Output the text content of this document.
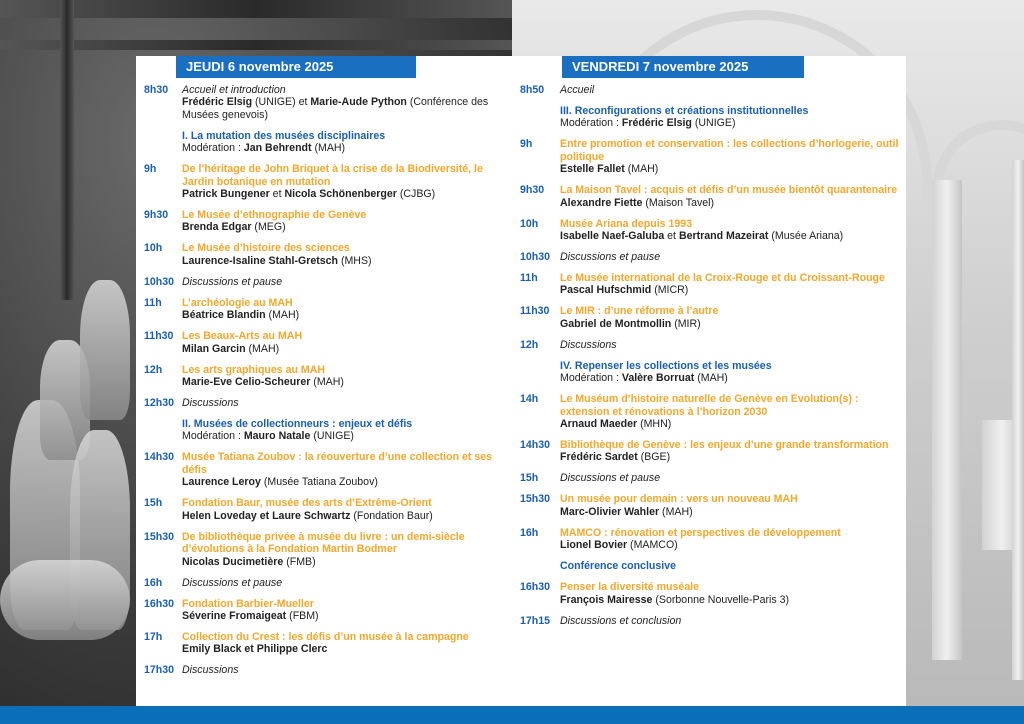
JEUDI 6 novembre 2025
8h30	Accueil et introduction
Frédéric Elsig (UNIGE) et Marie-Aude Python (Conférence des Musées genevois)
I. La mutation des musées disciplinaires
Modération : Jan Behrendt (MAH)
9h	De l’héritage de John Briquet à la crise de la Biodiversité, le Jardin botanique en mutation
Patrick Bungener et Nicola Schönenberger (CJBG)
9h30	Le Musée d’ethnographie de Genève
Brenda Edgar (MEG)
10h	Le Musée d’histoire des sciences
Laurence-Isaline Stahl-Gretsch (MHS)
10h30 Discussions et pause
11h	L’archéologie au MAH
Béatrice Blandin (MAH)
11h30 Les Beaux-Arts au MAH
Milan Garcin (MAH)
12h	Les arts graphiques au MAH
Marie-Eve Celio-Scheurer (MAH)
12h30 Discussions
II. Musées de collectionneurs : enjeux et défis
Modération : Mauro Natale (UNIGE)
14h30 Musée Tatiana Zoubov : la réouverture d’une collection et ses défis
Laurence Leroy (Musée Tatiana Zoubov)
15h	Fondation Baur, musée des arts d’Extrême-Orient
Helen Loveday et Laure Schwartz (Fondation Baur)
15h30 De bibliothèque privée à musée du livre : un demi-siècle d’évolutions à la Fondation Martin Bodmer
Nicolas Ducimetière (FMB)
16h	Discussions et pause
16h30 Fondation Barbier-Mueller
Séverine Fromaigeat (FBM)
17h	Collection du Crest : les défis d’un musée à la campagne
Emily Black et Philippe Clerc
17h30 Discussions
VENDREDI 7 novembre 2025
8h50	Accueil
III. Reconfigurations et créations institutionnelles
Modération : Frédéric Elsig (UNIGE)
9h	Entre promotion et conservation : les collections d’horlogerie, outil politique
Estelle Fallet (MAH)
9h30	La Maison Tavel : acquis et défis d’un musée bientôt quarantenaire
Alexandre Fiette (Maison Tavel)
10h	Musée Ariana depuis 1993
Isabelle Naef-Galuba et Bertrand Mazeirat (Musée Ariana)
10h30 Discussions et pause
11h	Le Musée international de la Croix-Rouge et du Croissant-Rouge
Pascal Hufschmid (MICR)
11h30 Le MIR : d’une réforme à l’autre
Gabriel de Montmollin (MIR)
12h	Discussions
IV. Repenser les collections et les musées
Modération : Valère Borruat (MAH)
14h	Le Muséum d’histoire naturelle de Genève en Evolution(s) : extension et rénovations à l’horizon 2030
Arnaud Maeder (MHN)
14h30 Bibliothèque de Genève : les enjeux d’une grande transformation
Frédéric Sardet (BGE)
15h	Discussions et pause
15h30 Un musée pour demain : vers un nouveau MAH
Marc-Olivier Wahler (MAH)
16h	MAMCO : rénovation et perspectives de développement
Lionel Bovier (MAMCO)
Conférence conclusive
16h30 Penser la diversité muséale
François Mairesse (Sorbonne Nouvelle-Paris 3)
17h15 Discussions et conclusion
